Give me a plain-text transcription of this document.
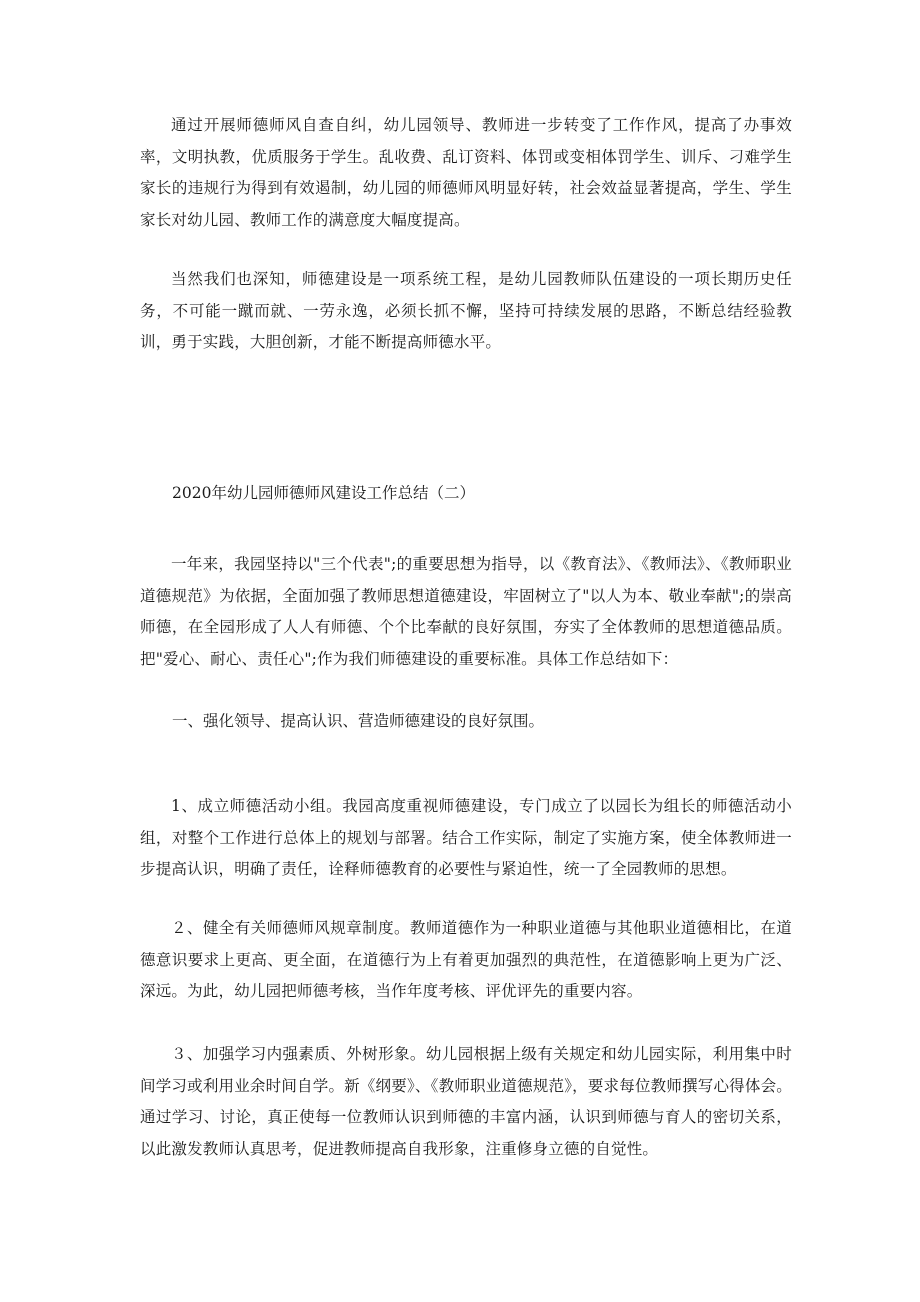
通过开展师德师风自查自纠，幼儿园领导、教师进一步转变了工作作风，提高了办事效率，文明执教，优质服务于学生。乱收费、乱订资料、体罚或变相体罚学生、训斥、刁难学生家长的违规行为得到有效遏制，幼儿园的师德师风明显好转，社会效益显著提高，学生、学生家长对幼儿园、教师工作的满意度大幅度提高。

当然我们也深知，师德建设是一项系统工程，是幼儿园教师队伍建设的一项长期历史任务，不可能一蹴而就、一劳永逸，必须长抓不懈，坚持可持续发展的思路，不断总结经验教训，勇于实践，大胆创新，才能不断提高师德水平。

2020年幼儿园师德师风建设工作总结（二）

一年来，我园坚持以"三个代表";的重要思想为指导，以《教育法》、《教师法》、《教师职业道德规范》为依据，全面加强了教师思想道德建设，牢固树立了"以人为本、敬业奉献";的崇高师德，在全园形成了人人有师德、个个比奉献的良好氛围，夯实了全体教师的思想道德品质。把"爱心、耐心、责任心";作为我们师德建设的重要标准。具体工作总结如下：

一、强化领导、提高认识、营造师德建设的良好氛围。

1、成立师德活动小组。我园高度重视师德建设，专门成立了以园长为组长的师德活动小组，对整个工作进行总体上的规划与部署。结合工作实际，制定了实施方案，使全体教师进一步提高认识，明确了责任，诠释师德教育的必要性与紧迫性，统一了全园教师的思想。

２、健全有关师德师风规章制度。教师道德作为一种职业道德与其他职业道德相比，在道德意识要求上更高、更全面，在道德行为上有着更加强烈的典范性，在道德影响上更为广泛、深远。为此，幼儿园把师德考核，当作年度考核、评优评先的重要内容。

３、加强学习内强素质、外树形象。幼儿园根据上级有关规定和幼儿园实际，利用集中时间学习或利用业余时间自学。新《纲要》、《教师职业道德规范》，要求每位教师撰写心得体会。通过学习、讨论，真正使每一位教师认识到师德的丰富内涵，认识到师德与育人的密切关系，以此激发教师认真思考，促进教师提高自我形象，注重修身立德的自觉性。
